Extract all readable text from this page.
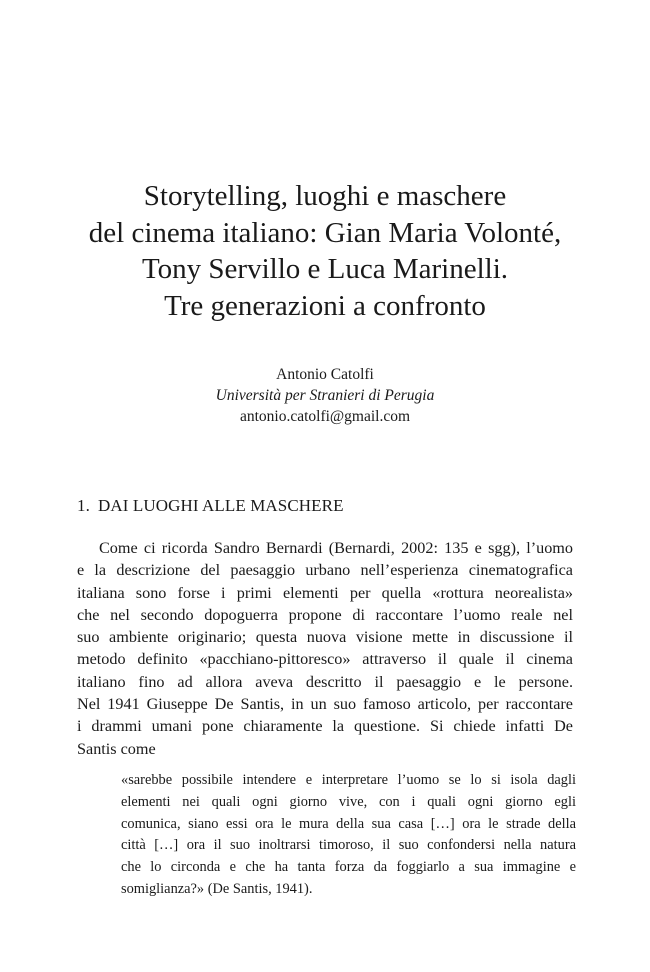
Storytelling, luoghi e maschere
del cinema italiano: Gian Maria Volonté,
Tony Servillo e Luca Marinelli.
Tre generazioni a confronto
Antonio Catolfi
Università per Stranieri di Perugia
antonio.catolfi@gmail.com
1. DAI LUOGHI ALLE MASCHERE
Come ci ricorda Sandro Bernardi (Bernardi, 2002: 135 e sgg), l’uomo
e la descrizione del paesaggio urbano nell’esperienza cinematografica
italiana sono forse i primi elementi per quella «rottura neorealista»
che nel secondo dopoguerra propone di raccontare l’uomo reale nel
suo ambiente originario; questa nuova visione mette in discussione il
metodo definito «pacchiano-pittoresco» attraverso il quale il cinema
italiano fino ad allora aveva descritto il paesaggio e le persone.
Nel 1941 Giuseppe De Santis, in un suo famoso articolo, per raccontare
i drammi umani pone chiaramente la questione. Si chiede infatti De
Santis come
«sarebbe possibile intendere e interpretare l’uomo se lo si isola dagli
elementi nei quali ogni giorno vive, con i quali ogni giorno egli
comunica, siano essi ora le mura della sua casa […] ora le strade della
città […] ora il suo inoltrarsi timoroso, il suo confondersi nella natura
che lo circonda e che ha tanta forza da foggiarlo a sua immagine e
somiglianza?» (De Santis, 1941).
